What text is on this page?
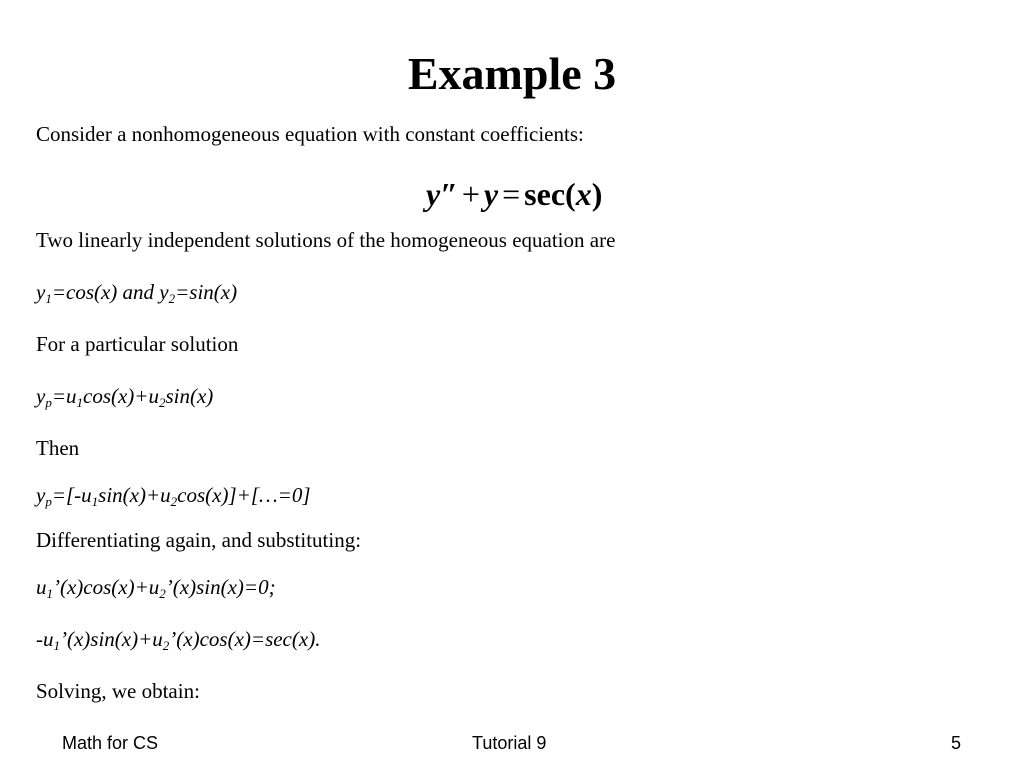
Example 3
Consider a nonhomogeneous equation with constant coefficients:
y″ + y = sec(x)
Two linearly independent solutions of the homogeneous equation are
$y_1=\cos(x)$ and $y_2=\sin(x)$
For a particular solution
$y_p=u_1\cos(x)+u_2\sin(x)$
Then
$y_p=[-u_1\sin(x)+u_2\cos(x)]+[\dots=0]$
Differentiating again, and substituting:
$u_1’(x)\cos(x)+u_2’(x)\sin(x)=0$;
$-u_1’(x)\sin(x)+u_2’(x)\cos(x)=\sec(x)$.
Solving, we obtain:
Math for CS	Tutorial 9	5
